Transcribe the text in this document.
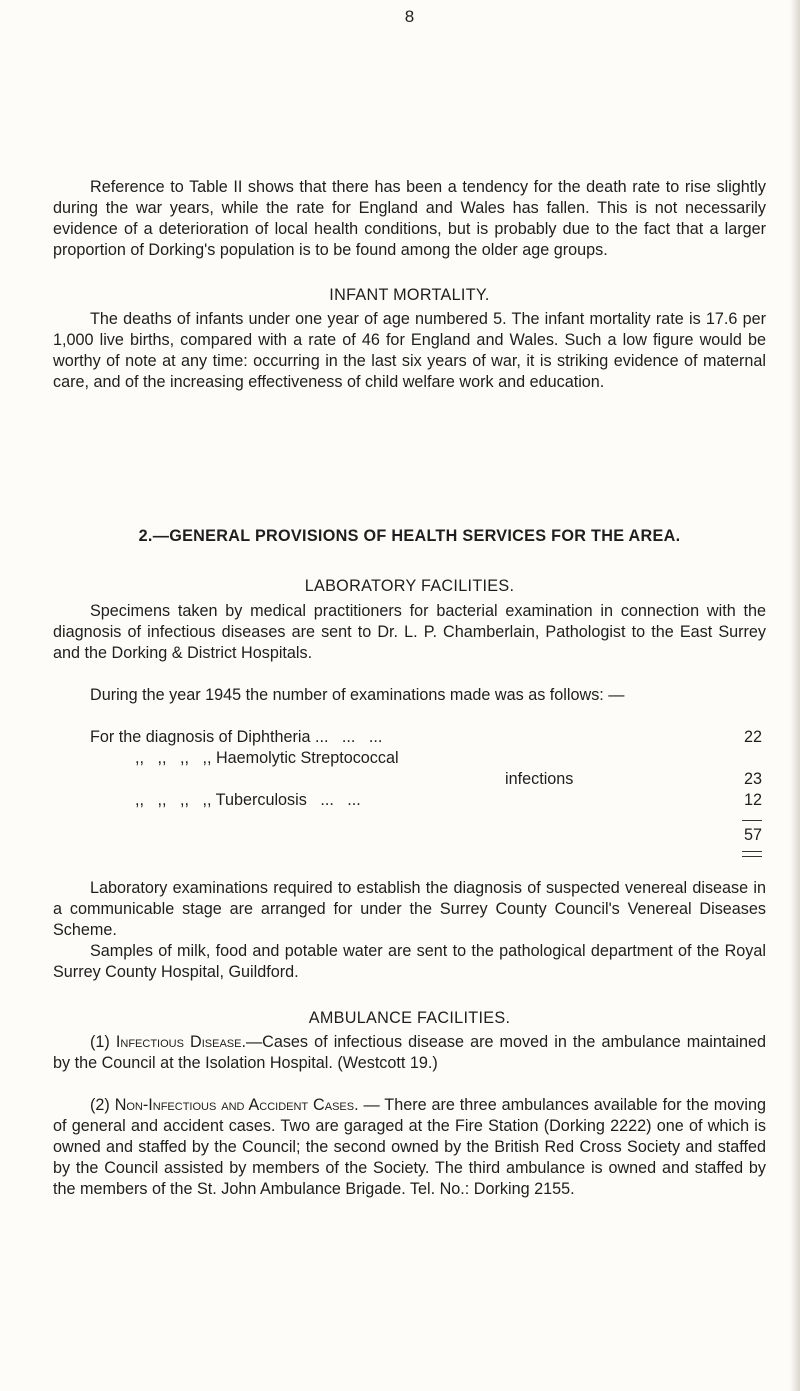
8

Reference to Table II shows that there has been a tendency for the death rate to rise slightly during the war years, while the rate for England and Wales has fallen. This is not necessarily evidence of a deterioration of local health conditions, but is probably due to the fact that a larger proportion of Dorking's population is to be found among the older age groups.

INFANT MORTALITY.

The deaths of infants under one year of age numbered 5. The infant mortality rate is 17.6 per 1,000 live births, compared with a rate of 46 for England and Wales. Such a low figure would be worthy of note at any time: occurring in the last six years of war, it is striking evidence of maternal care, and of the increasing effectiveness of child welfare work and education.

2.—GENERAL PROVISIONS OF HEALTH SERVICES FOR THE AREA.
LABORATORY FACILITIES.

Specimens taken by medical practitioners for bacterial examination in connection with the diagnosis of infectious diseases are sent to Dr. L. P. Chamberlain, Pathologist to the East Surrey and the Dorking & District Hospitals.

During the year 1945 the number of examinations made was as follows: —

For the diagnosis of Diphtheria ...   ...   ...	22
,,   ,,   ,,   ,, Haemolytic Streptococcal
infections	23
,,   ,,   ,,   ,, Tuberculosis   ...   ...	12
57

Laboratory examinations required to establish the diagnosis of suspected venereal disease in a communicable stage are arranged for under the Surrey County Council's Venereal Diseases Scheme.

Samples of milk, food and potable water are sent to the pathological department of the Royal Surrey County Hospital, Guildford.

AMBULANCE FACILITIES.

(1) Infectious Disease.—Cases of infectious disease are moved in the ambulance maintained by the Council at the Isolation Hospital. (Westcott 19.)

(2) Non-Infectious and Accident Cases. — There are three ambulances available for the moving of general and accident cases. Two are garaged at the Fire Station (Dorking 2222) one of which is owned and staffed by the Council; the second owned by the British Red Cross Society and staffed by the Council assisted by members of the Society. The third ambulance is owned and staffed by the members of the St. John Ambulance Brigade. Tel. No.: Dorking 2155.
